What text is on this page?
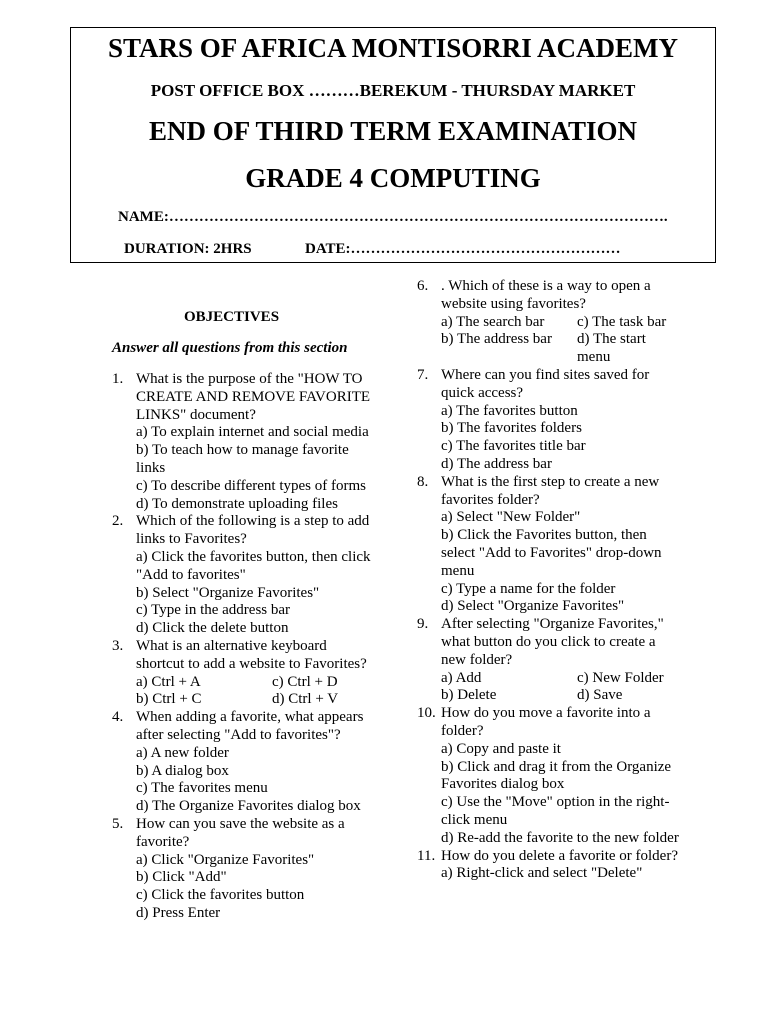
STARS OF AFRICA MONTISORRI ACADEMY
POST OFFICE BOX ………BEREKUM - THURSDAY MARKET
END OF THIRD TERM EXAMINATION
GRADE 4 COMPUTING
NAME:……………………………………………………………………………………….
DURATION: 2HRS	DATE:………………………………………………
OBJECTIVES
Answer all questions from this section
1. What is the purpose of the "HOW TO CREATE AND REMOVE FAVORITE LINKS" document?
a) To explain internet and social media
b) To teach how to manage favorite links
c) To describe different types of forms
d) To demonstrate uploading files
2. Which of the following is a step to add links to Favorites?
a) Click the favorites button, then click "Add to favorites"
b) Select "Organize Favorites"
c) Type in the address bar
d) Click the delete button
3. What is an alternative keyboard shortcut to add a website to Favorites?
a) Ctrl + A	c) Ctrl + D
b) Ctrl + C	d) Ctrl + V
4. When adding a favorite, what appears after selecting "Add to favorites"?
a) A new folder
b) A dialog box
c) The favorites menu
d) The Organize Favorites dialog box
5. How can you save the website as a favorite?
a) Click "Organize Favorites"
b) Click "Add"
c) Click the favorites button
d) Press Enter
6. . Which of these is a way to open a website using favorites?
a) The search bar	c) The task bar
b) The address bar	d) The start menu
7. Where can you find sites saved for quick access?
a) The favorites button
b) The favorites folders
c) The favorites title bar
d) The address bar
8. What is the first step to create a new favorites folder?
a) Select "New Folder"
b) Click the Favorites button, then select "Add to Favorites" drop-down menu
c) Type a name for the folder
d) Select "Organize Favorites"
9. After selecting "Organize Favorites," what button do you click to create a new folder?
a) Add	c) New Folder
b) Delete	d) Save
10. How do you move a favorite into a folder?
a) Copy and paste it
b) Click and drag it from the Organize Favorites dialog box
c) Use the "Move" option in the right-click menu
d) Re-add the favorite to the new folder
11. How do you delete a favorite or folder?
a) Right-click and select "Delete"
